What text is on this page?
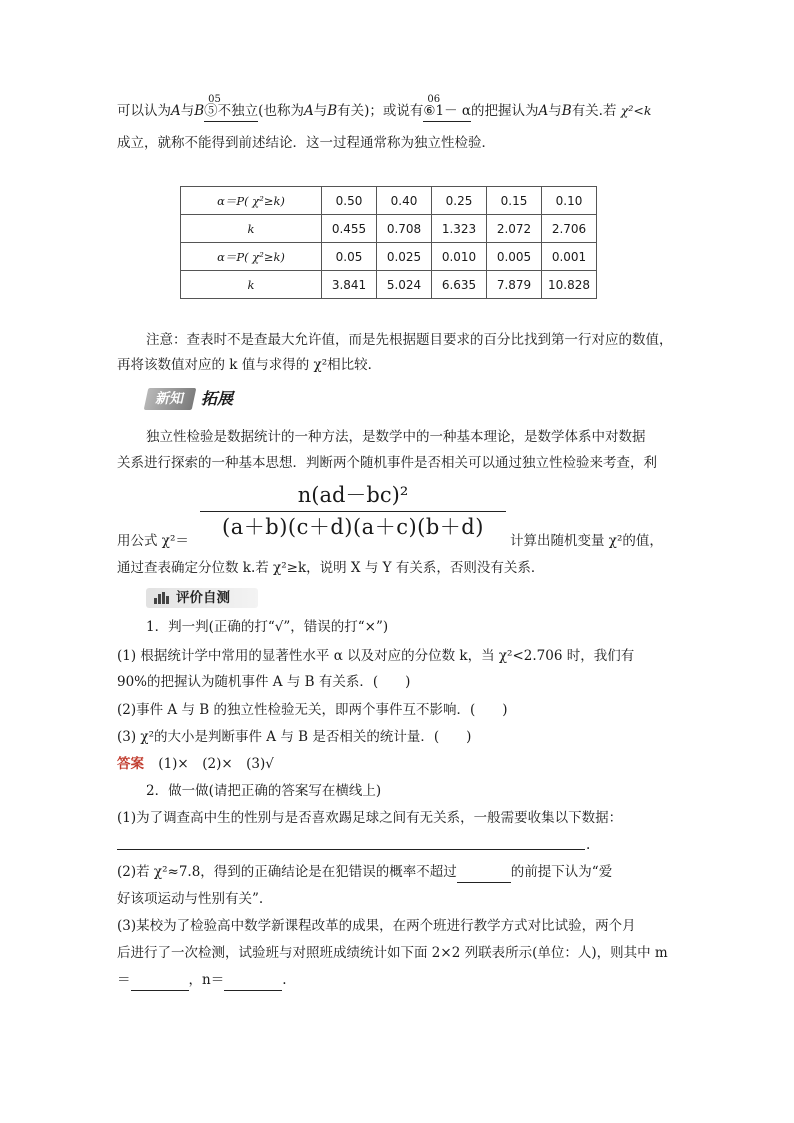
可以认为A与B
05
⑤不独立(也称为A与B有关)；或说有
06
⑥1－ α的把握认为A与B有关.若 χ²<k
成立，就称不能得到前述结论．这一过程通常称为独立性检验．
α＝P( χ²≥k)	0.50	0.40	0.25	0.15	0.10
k	0.455	0.708	1.323	2.072	2.706
α＝P( χ²≥k)	0.05	0.025	0.010	0.005	0.001
k	3.841	5.024	6.635	7.879	10.828
注意：查表时不是查最大允许值，而是先根据题目要求的百分比找到第一行对应的数值，
再将该数值对应的 k 值与求得的 χ²相比较．
新知 拓展
独立性检验是数据统计的一种方法，是数学中的一种基本理论，是数学体系中对数据
关系进行探索的一种基本思想．判断两个随机事件是否相关可以通过独立性检验来考查，利
n(ad－bc)²
(a＋b)(c＋d)(a＋c)(b＋d)
用公式 χ²＝	计算出随机变量 χ²的值，
通过查表确定分位数 k.若 χ²≥k，说明 X 与 Y 有关系，否则没有关系．
评价自测
1．判一判(正确的打“√”，错误的打“×”)
(1) 根据统计学中常用的显著性水平 α 以及对应的分位数 k，当 χ²<2.706 时，我们有
90%的把握认为随机事件 A 与 B 有关系．(　　)
(2)事件 A 与 B 的独立性检验无关，即两个事件互不影响．(　　)
(3) χ²的大小是判断事件 A 与 B 是否相关的统计量．(　　)
答案 (1)×　(2)×　(3)√
2．做一做(请把正确的答案写在横线上)
(1)为了调查高中生的性别与是否喜欢踢足球之间有无关系，一般需要收集以下数据：
.
(2)若 χ²≈7.8，得到的正确结论是在犯错误的概率不超过	的前提下认为“爱
好该项运动与性别有关”.
(3)某校为了检验高中数学新课程改革的成果，在两个班进行教学方式对比试验，两个月
后进行了一次检测，试验班与对照班成绩统计如下面 2×2 列联表所示(单位：人)，则其中 m
＝	，n＝	.
